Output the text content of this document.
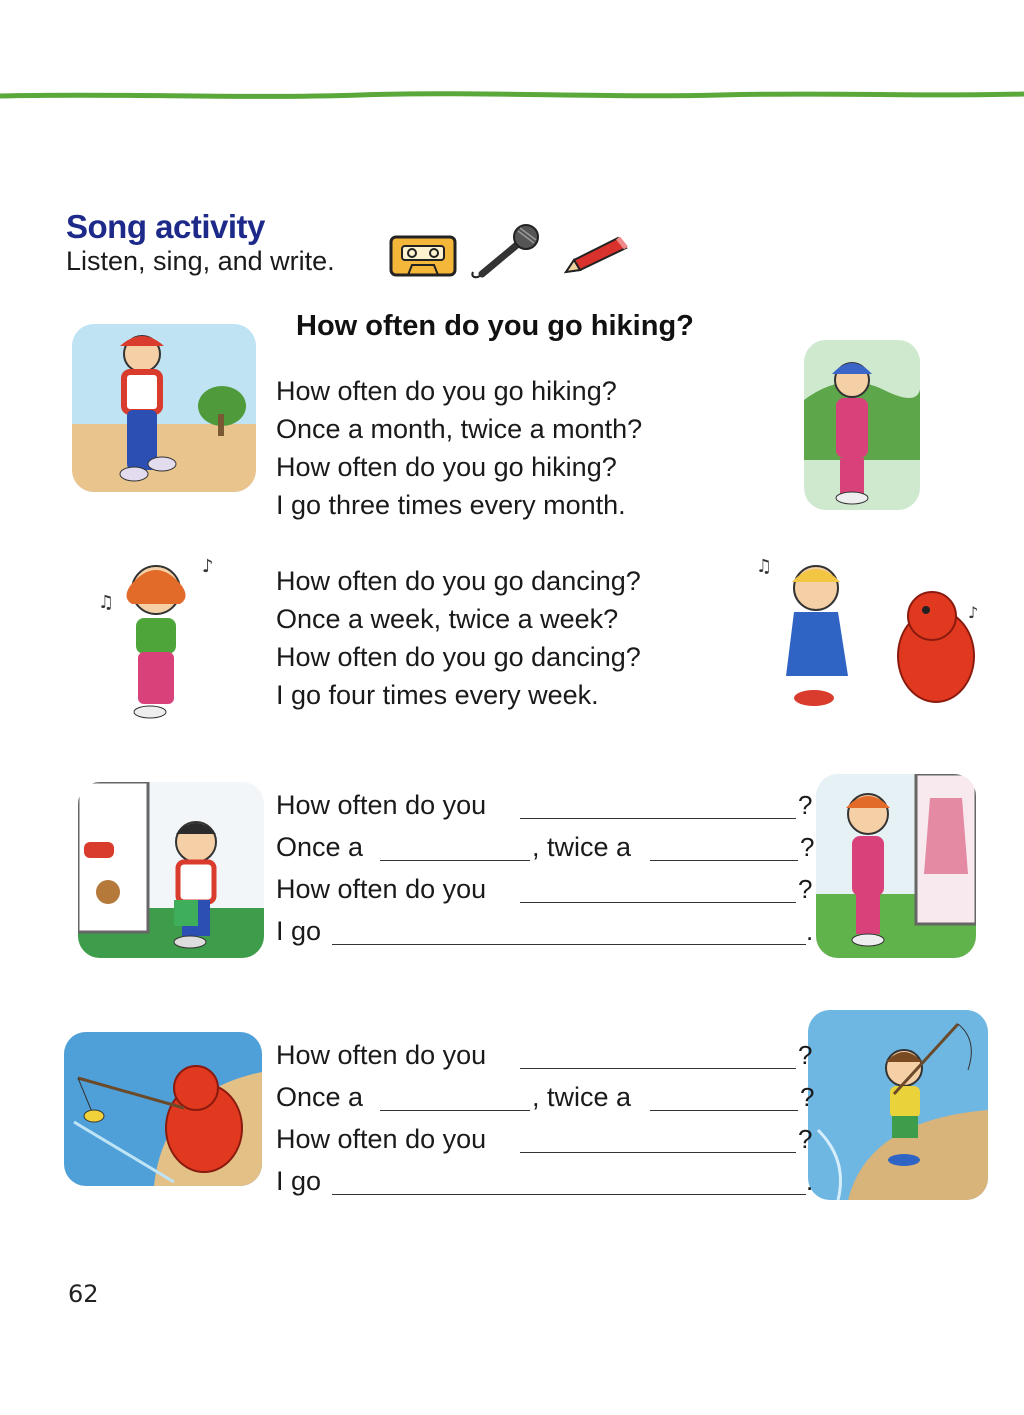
Song activity
Listen, sing, and write.
How often do you go hiking?
How often do you go hiking?
Once a month, twice a month?
How often do you go hiking?
I go three times every month.
How often do you go dancing?
Once a week, twice a week?
How often do you go dancing?
I go four times every week.
♫
♪	♫
♪
How often do you	?
Once a	, twice a	?
How often do you	?
I go	.
How often do you	?
Once a	, twice a	?
How often do you	?
I go	.
62
